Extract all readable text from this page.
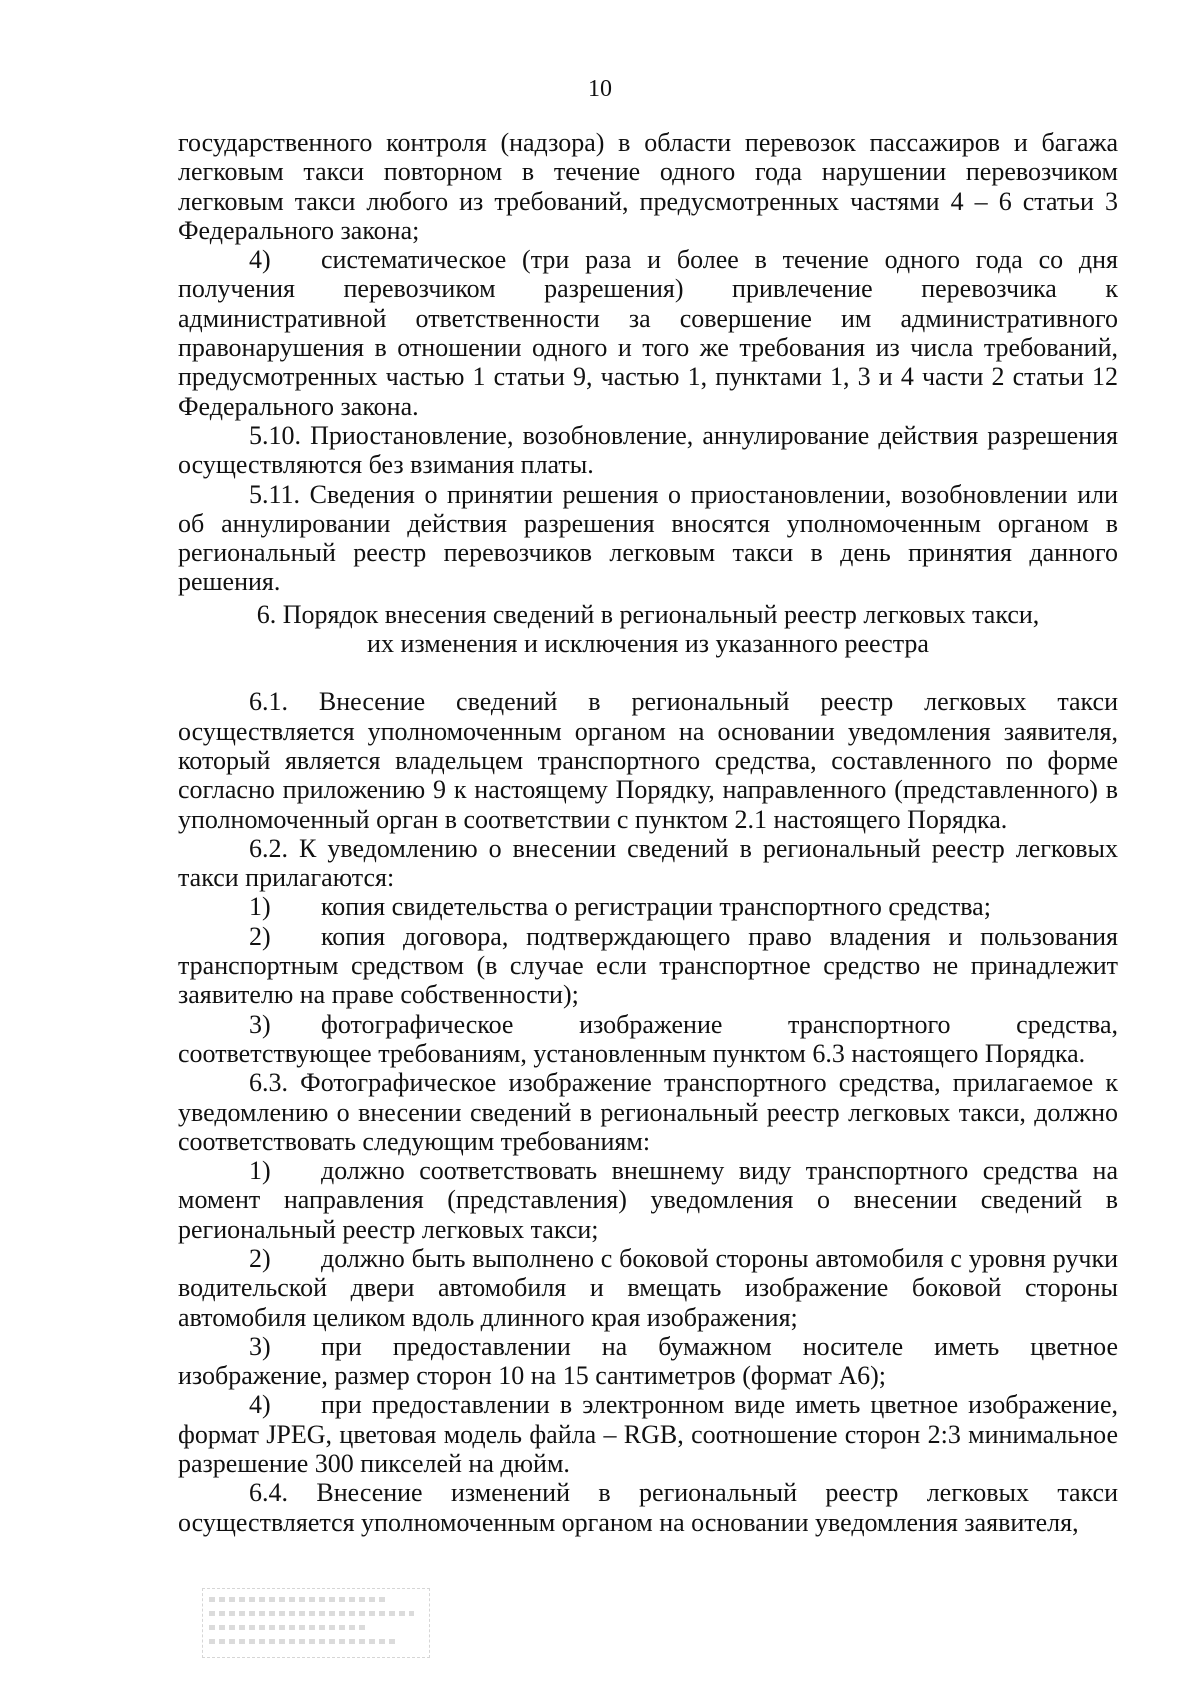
10

государственного контроля (надзора) в области перевозок пассажиров и багажа легковым такси повторном в течение одного года нарушении перевозчиком легковым такси любого из требований, предусмотренных частями 4 – 6 статьи 3 Федерального закона;

4) систематическое (три раза и более в течение одного года со дня получения перевозчиком разрешения) привлечение перевозчика к административной ответственности за совершение им административного правонарушения в отношении одного и того же требования из числа требований, предусмотренных частью 1 статьи 9, частью 1, пунктами 1, 3 и 4 части 2 статьи 12 Федерального закона.

5.10. Приостановление, возобновление, аннулирование действия разрешения осуществляются без взимания платы.

5.11. Сведения о принятии решения о приостановлении, возобновлении или об аннулировании действия разрешения вносятся уполномоченным органом в региональный реестр перевозчиков легковым такси в день принятия данного решения.

6. Порядок внесения сведений в региональный реестр легковых такси,
их изменения и исключения из указанного реестра

6.1. Внесение сведений в региональный реестр легковых такси осуществляется уполномоченным органом на основании уведомления заявителя, который является владельцем транспортного средства, составленного по форме согласно приложению 9 к настоящему Порядку, направленного (представленного) в уполномоченный орган в соответствии с пунктом 2.1 настоящего Порядка.

6.2. К уведомлению о внесении сведений в региональный реестр легковых такси прилагаются:

1) копия свидетельства о регистрации транспортного средства;

2) копия договора, подтверждающего право владения и пользования транспортным средством (в случае если транспортное средство не принадлежит заявителю на праве собственности);

3) фотографическое изображение транспортного средства, соответствующее требованиям, установленным пунктом 6.3 настоящего Порядка.

6.3. Фотографическое изображение транспортного средства, прилагаемое к уведомлению о внесении сведений в региональный реестр легковых такси, должно соответствовать следующим требованиям:

1) должно соответствовать внешнему виду транспортного средства на момент направления (представления) уведомления о внесении сведений в региональный реестр легковых такси;

2) должно быть выполнено с боковой стороны автомобиля с уровня ручки водительской двери автомобиля и вмещать изображение боковой стороны автомобиля целиком вдоль длинного края изображения;

3) при предоставлении на бумажном носителе иметь цветное изображение, размер сторон 10 на 15 сантиметров (формат А6);

4) при предоставлении в электронном виде иметь цветное изображение, формат JPEG, цветовая модель файла – RGB, соотношение сторон 2:3 минимальное разрешение 300 пикселей на дюйм.

6.4. Внесение изменений в региональный реестр легковых такси осуществляется уполномоченным органом на основании уведомления заявителя,
